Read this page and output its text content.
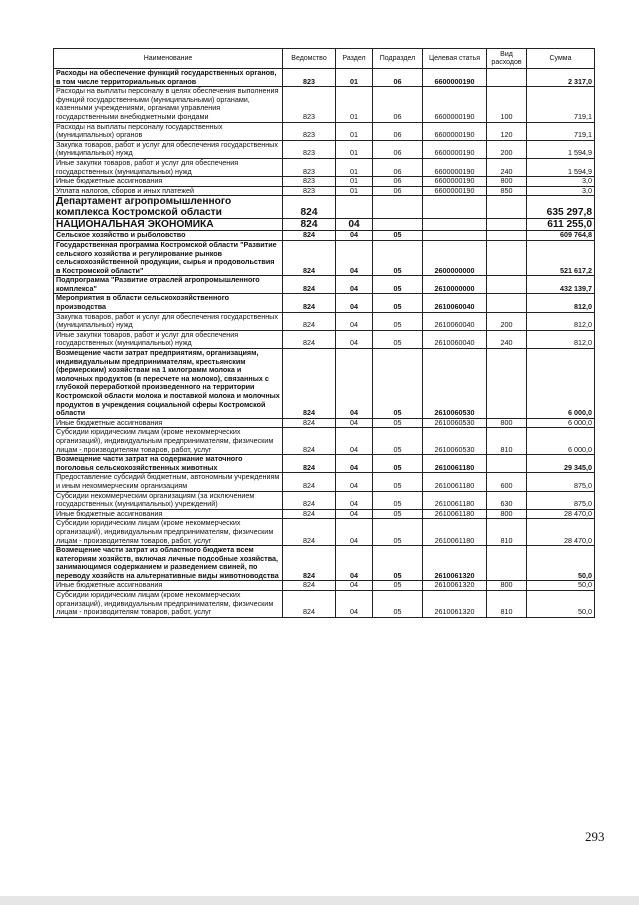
Наименование	Ведомство	Раздел	Подраздел	Целевая статья	Вид расходов	Сумма
Расходы на обеспечение функций государственных органов, в том числе территориальных органов	823	01	06	6600000190		2 317,0
Расходы на выплаты персоналу в целях обеспечения выполнения функций государственными (муниципальными) органами, казенными учреждениями, органами управления государственными внебюджетными фондами	823	01	06	6600000190	100	719,1
Расходы на выплаты персоналу государственных (муниципальных) органов	823	01	06	6600000190	120	719,1
Закупка товаров, работ и услуг для обеспечения государственных (муниципальных) нужд	823	01	06	6600000190	200	1 594,9
Иные закупки товаров, работ и услуг для обеспечения государственных (муниципальных) нужд	823	01	06	6600000190	240	1 594,9
Иные бюджетные ассигнования	823	01	06	6600000190	800	3,0
Уплата налогов, сборов и иных платежей	823	01	06	6600000190	850	3,0
Департамент агропромышленного комплекса Костромской области	824					635 297,8
НАЦИОНАЛЬНАЯ ЭКОНОМИКА	824	04				611 255,0
Сельское хозяйство и рыболовство	824	04	05			609 764,8
Государственная программа Костромской области "Развитие сельского хозяйства и регулирование рынков сельскохозяйственной продукции, сырья и продовольствия в Костромской области"	824	04	05	2600000000		521 617,2
Подпрограмма "Развитие отраслей агропромышленного комплекса"	824	04	05	2610000000		432 139,7
Мероприятия в области сельскохозяйственного производства	824	04	05	2610060040		812,0
Закупка товаров, работ и услуг для обеспечения государственных (муниципальных) нужд	824	04	05	2610060040	200	812,0
Иные закупки товаров, работ и услуг для обеспечения государственных (муниципальных) нужд	824	04	05	2610060040	240	812,0
Возмещение части затрат предприятиям, организациям, индивидуальным предпринимателям, крестьянским (фермерским) хозяйствам на 1 килограмм молока и молочных продуктов (в пересчете на молоко), связанных с глубокой переработкой произведенного на территории Костромской области молока и поставкой молока и молочных продуктов в учреждения социальной сферы Костромской области	824	04	05	2610060530		6 000,0
Иные бюджетные ассигнования	824	04	05	2610060530	800	6 000,0
Субсидии юридическим лицам (кроме некоммерческих организаций), индивидуальным предпринимателям, физическим лицам - производителям товаров, работ, услуг	824	04	05	2610060530	810	6 000,0
Возмещение части затрат на содержание маточного поголовья сельскохозяйственных животных	824	04	05	2610061180		29 345,0
Предоставление субсидий бюджетным, автономным учреждениям и иным некоммерческим организациям	824	04	05	2610061180	600	875,0
Субсидии некоммерческим организациям (за исключением государственных (муниципальных) учреждений)	824	04	05	2610061180	630	875,0
Иные бюджетные ассигнования	824	04	05	2610061180	800	28 470,0
Субсидии юридическим лицам (кроме некоммерческих организаций), индивидуальным предпринимателям, физическим лицам - производителям товаров, работ, услуг	824	04	05	2610061180	810	28 470,0
Возмещение части затрат из областного бюджета всем категориям хозяйств, включая личные подсобные хозяйства, занимающимся содержанием и разведением свиней, по переводу хозяйств на альтернативные виды животноводства	824	04	05	2610061320		50,0
Иные бюджетные ассигнования	824	04	05	2610061320	800	50,0
Субсидии юридическим лицам (кроме некоммерческих организаций), индивидуальным предпринимателям, физическим лицам - производителям товаров, работ, услуг	824	04	05	2610061320	810	50,0
293
